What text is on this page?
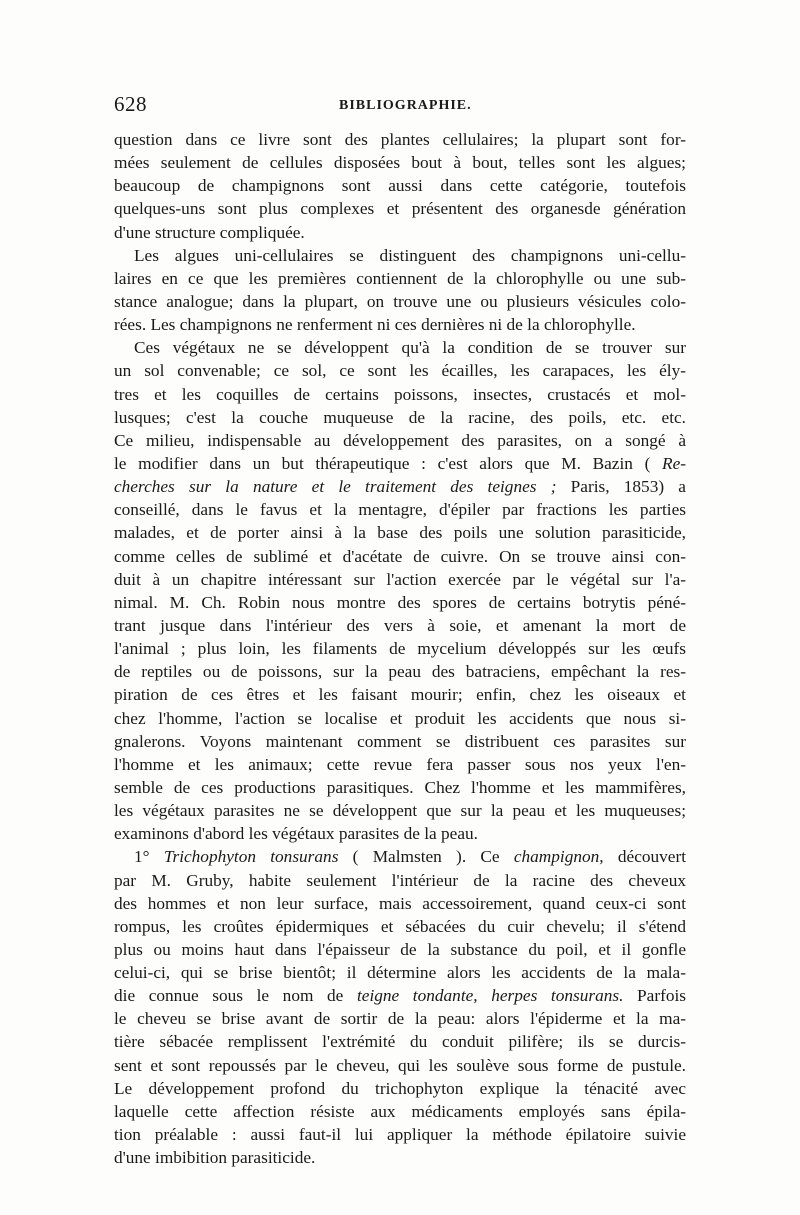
628	BIBLIOGRAPHIE.
question dans ce livre sont des plantes cellulaires; la plupart sont for-
mées seulement de cellules disposées bout à bout, telles sont les algues;
beaucoup de champignons sont aussi dans cette catégorie, toutefois
quelques-uns sont plus complexes et présentent des organesde génération
d'une structure compliquée.
Les algues uni-cellulaires se distinguent des champignons uni-cellu-
laires en ce que les premières contiennent de la chlorophylle ou une sub-
stance analogue; dans la plupart, on trouve une ou plusieurs vésicules colo-
rées. Les champignons ne renferment ni ces dernières ni de la chlorophylle.
Ces végétaux ne se développent qu'à la condition de se trouver sur
un sol convenable; ce sol, ce sont les écailles, les carapaces, les ély-
tres et les coquilles de certains poissons, insectes, crustacés et mol-
lusques; c'est la couche muqueuse de la racine, des poils, etc. etc.
Ce milieu, indispensable au développement des parasites, on a songé à
le modifier dans un but thérapeutique : c'est alors que M. Bazin ( Re-
cherches sur la nature et le traitement des teignes ; Paris, 1853) a
conseillé, dans le favus et la mentagre, d'épiler par fractions les parties
malades, et de porter ainsi à la base des poils une solution parasiticide,
comme celles de sublimé et d'acétate de cuivre. On se trouve ainsi con-
duit à un chapitre intéressant sur l'action exercée par le végétal sur l'a-
nimal. M. Ch. Robin nous montre des spores de certains botrytis péné-
trant jusque dans l'intérieur des vers à soie, et amenant la mort de
l'animal ; plus loin, les filaments de mycelium développés sur les œufs
de reptiles ou de poissons, sur la peau des batraciens, empêchant la res-
piration de ces êtres et les faisant mourir; enfin, chez les oiseaux et
chez l'homme, l'action se localise et produit les accidents que nous si-
gnalerons. Voyons maintenant comment se distribuent ces parasites sur
l'homme et les animaux; cette revue fera passer sous nos yeux l'en-
semble de ces productions parasitiques. Chez l'homme et les mammifères,
les végétaux parasites ne se développent que sur la peau et les muqueuses;
examinons d'abord les végétaux parasites de la peau.
1° Trichophyton tonsurans ( Malmsten ). Ce champignon, découvert
par M. Gruby, habite seulement l'intérieur de la racine des cheveux
des hommes et non leur surface, mais accessoirement, quand ceux-ci sont
rompus, les croûtes épidermiques et sébacées du cuir chevelu; il s'étend
plus ou moins haut dans l'épaisseur de la substance du poil, et il gonfle
celui-ci, qui se brise bientôt; il détermine alors les accidents de la mala-
die connue sous le nom de teigne tondante, herpes tonsurans. Parfois
le cheveu se brise avant de sortir de la peau: alors l'épiderme et la ma-
tière sébacée remplissent l'extrémité du conduit pilifère; ils se durcis-
sent et sont repoussés par le cheveu, qui les soulève sous forme de pustule.
Le développement profond du trichophyton explique la ténacité avec
laquelle cette affection résiste aux médicaments employés sans épila-
tion préalable : aussi faut-il lui appliquer la méthode épilatoire suivie
d'une imbibition parasiticide.
